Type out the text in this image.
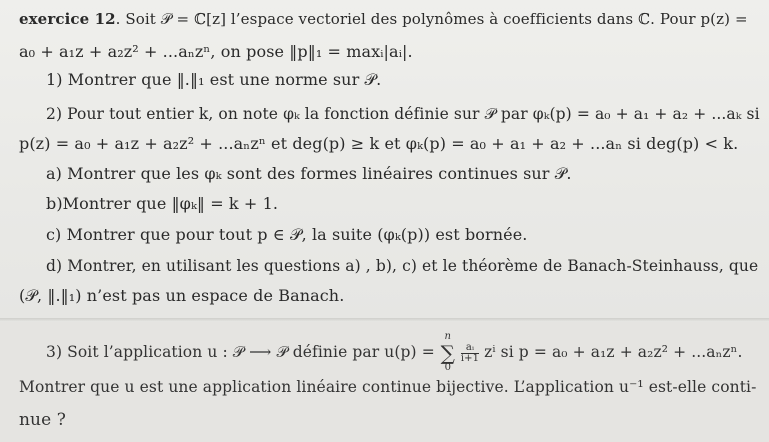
exercice 12. Soit 𝒫 = ℂ[z] l’espace vectoriel des polynômes à coefficients dans ℂ. Pour p(z) =
a₀ + a₁z + a₂z² + ...aₙzⁿ, on pose ‖p‖₁ = maxᵢ|aᵢ|.
1) Montrer que ‖.‖₁ est une norme sur 𝒫.
2) Pour tout entier k, on note φₖ la fonction définie sur 𝒫 par φₖ(p) = a₀ + a₁ + a₂ + ...aₖ si
p(z) = a₀ + a₁z + a₂z² + ...aₙzⁿ et deg(p) ≥ k et φₖ(p) = a₀ + a₁ + a₂ + ...aₙ si deg(p) < k.
a) Montrer que les φₖ sont des formes linéaires continues sur 𝒫.
b)Montrer que ‖φₖ‖ = k + 1.
c) Montrer que pour tout p ∈ 𝒫, la suite (φₖ(p)) est bornée.
d) Montrer, en utilisant les questions a) , b), c) et le théorème de Banach-Steinhauss, que
(𝒫, ‖.‖₁) n’est pas un espace de Banach.
3) Soit l’application u : 𝒫 ⟶ 𝒫 définie par u(p) = ∑
n
0

$\frac{\text{aᵢ}}{i+1}$ zⁱ si p = a₀ + a₁z + a₂z² + ...aₙzⁿ.
Montrer que u est une application linéaire continue bijective. L’application u⁻¹ est-elle conti-
nue ?
